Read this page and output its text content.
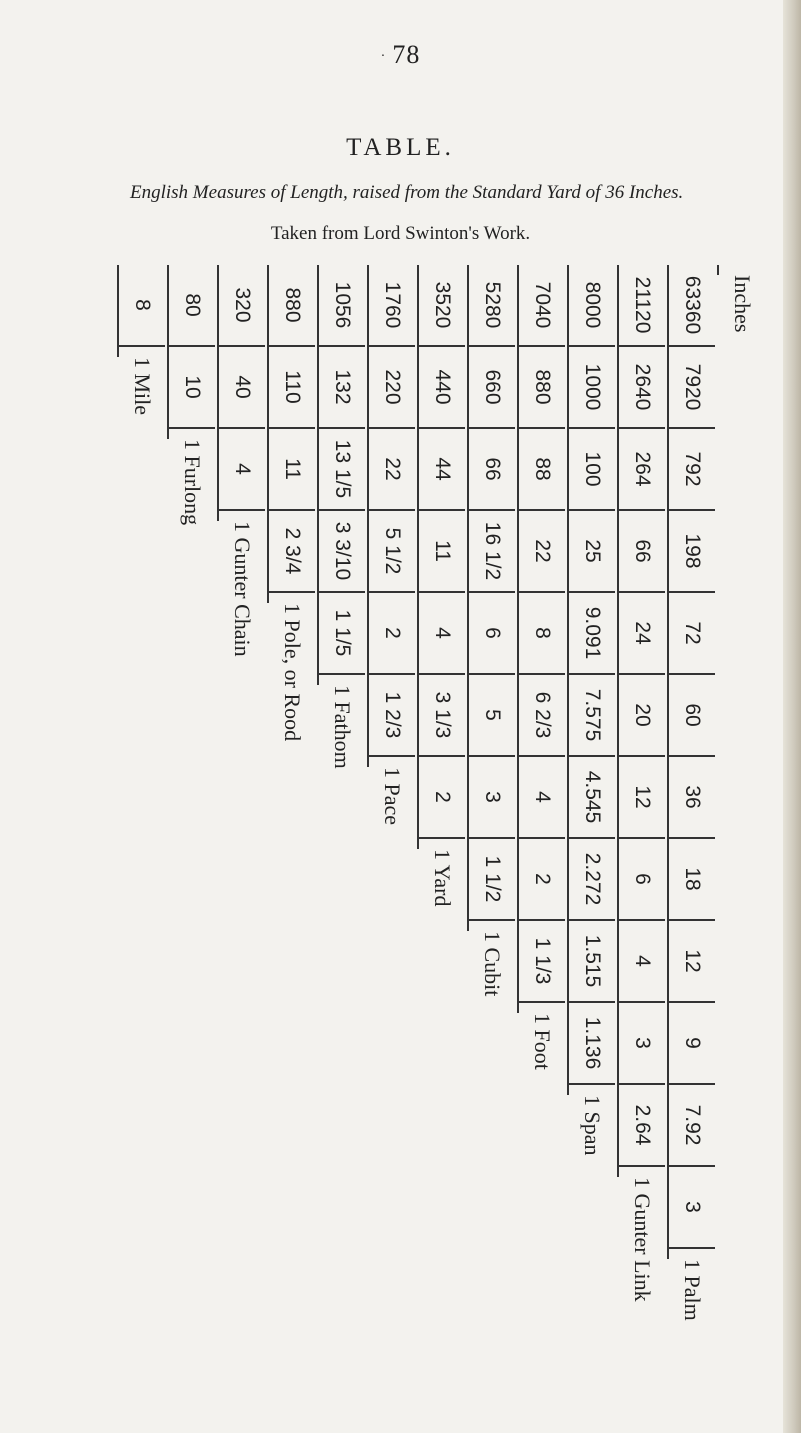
· 78
TABLE.
English Measures of Length, raised from the Standard Yard of 36 Inches.
Taken from Lord Swinton's Work.
Inches
63360
7920
792
198
72
60
36
18
12
9
7.92
3
1 Palm
21120
2640
264
66
24
20
12
6
4
3
2.64
1 Gunter Link
8000
1000
100
25
9.091
7.575
4.545
2.272
1.515
1.136
1 Span
7040
880
88
22
8
6 2/3
4
2
1 1/3
1 Foot
5280
660
66
16 1/2
6
5
3
1 1/2
1 Cubit
3520
440
44
11
4
3 1/3
2
1 Yard
1760
220
22
5 1/2
2
1 2/3
1 Pace
1056
132
13 1/5
3 3/10
1 1/5
1 Fathom
880
110
11
2 3/4
1 Pole, or Rood
320
40
4
1 Gunter Chain
80
10
1 Furlong
8
1 Mile
